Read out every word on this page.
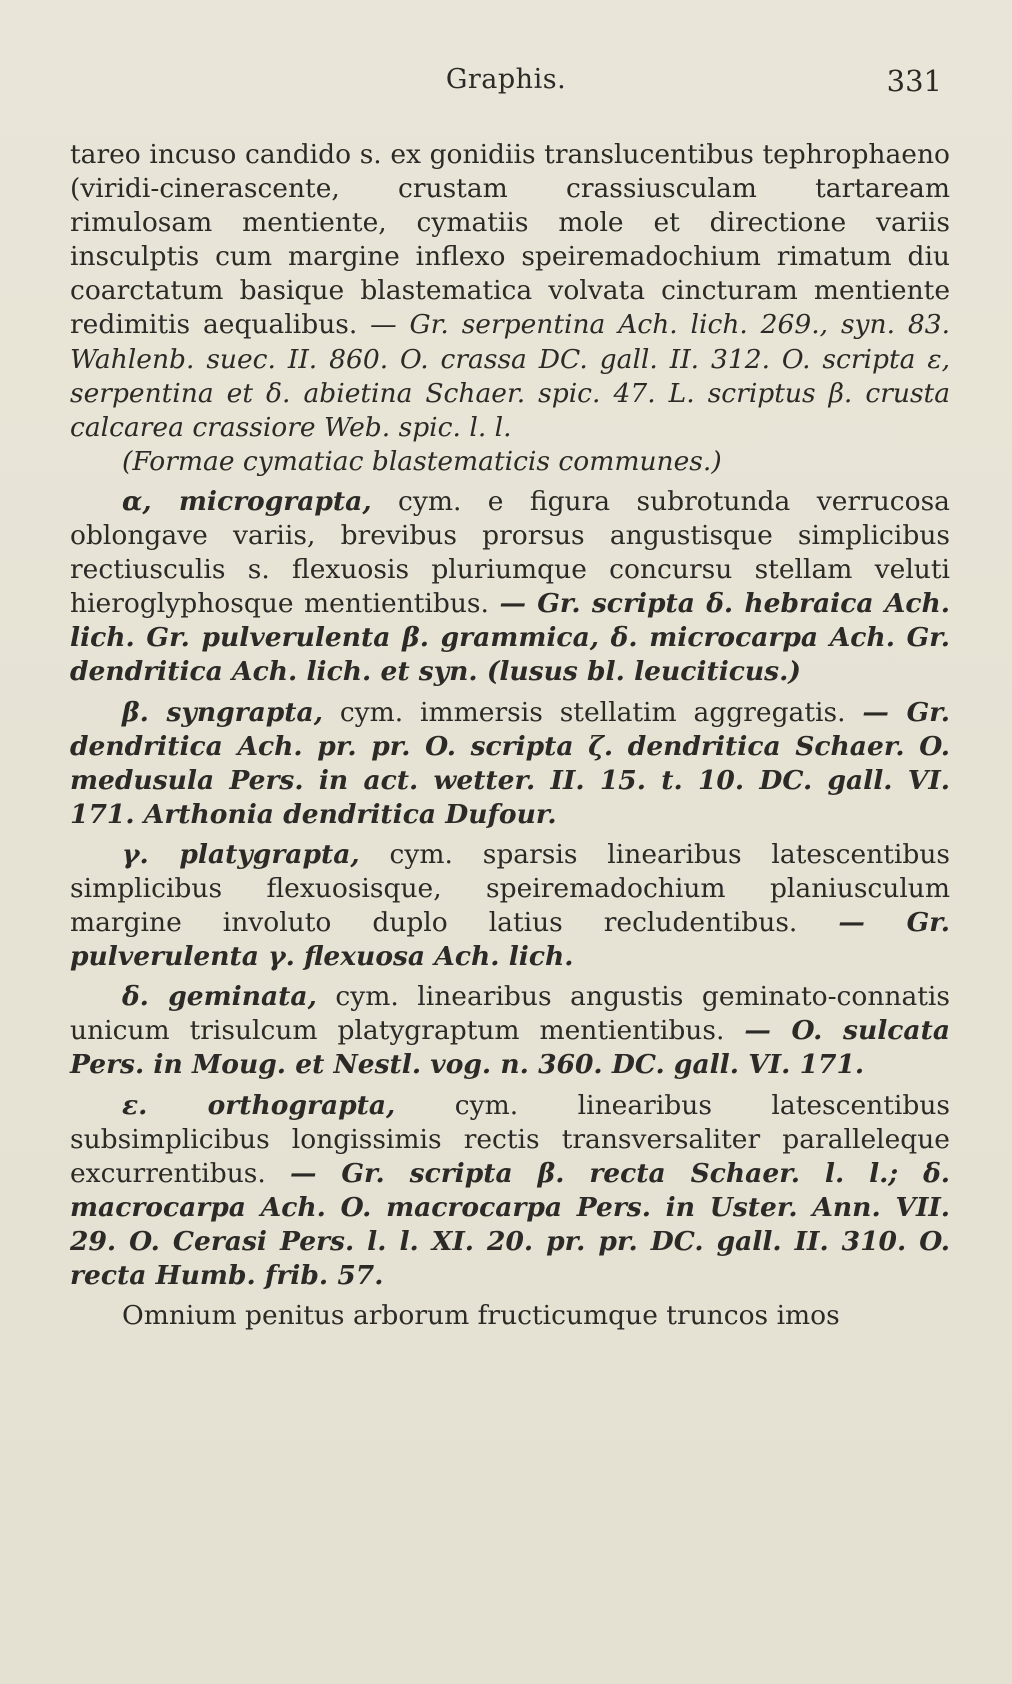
Graphis.	331

tareo incuso candido s. ex gonidiis translucentibus tephrophaeno (viridi-cinerascente, crustam crassiusculam tartaream rimulosam mentiente, cymatiis mole et directione variis insculptis cum margine inflexo speiremadochium rimatum diu coarctatum basique blastematica volvata cincturam mentiente redimitis aequalibus. — Gr. serpentina Ach. lich. 269., syn. 83. Wahlenb. suec. II. 860. O. crassa DC. gall. II. 312. O. scripta ε, serpentina et δ. abietina Schaer. spic. 47. L. scriptus β. crusta calcarea crassiore Web. spic. l. l.

(Formae cymatiac blastematicis communes.)

α, micrograpta, cym. e figura subrotunda verrucosa oblongave variis, brevibus prorsus angustisque simplicibus rectiusculis s. flexuosis pluriumque concursu stellam veluti hieroglyphosque mentientibus. — Gr. scripta δ. hebraica Ach. lich. Gr. pulverulenta β. grammica, δ. microcarpa Ach. Gr. dendritica Ach. lich. et syn. (lusus bl. leuciticus.)

β. syngrapta, cym. immersis stellatim aggregatis. — Gr. dendritica Ach. pr. pr. O. scripta ζ. dendritica Schaer. O. medusula Pers. in act. wetter. II. 15. t. 10. DC. gall. VI. 171. Arthonia dendritica Dufour.

γ. platygrapta, cym. sparsis linearibus latescentibus simplicibus flexuosisque, speiremadochium planiusculum margine involuto duplo latius recludentibus. — Gr. pulverulenta γ. flexuosa Ach. lich.

δ. geminata, cym. linearibus angustis geminato-connatis unicum trisulcum platygraptum mentientibus. — O. sulcata Pers. in Moug. et Nestl. vog. n. 360. DC. gall. VI. 171.

ε. orthograpta, cym. linearibus latescentibus subsimplicibus longissimis rectis transversaliter paralleleque excurrentibus. — Gr. scripta β. recta Schaer. l. l.; δ. macrocarpa Ach. O. macrocarpa Pers. in Uster. Ann. VII. 29. O. Cerasi Pers. l. l. XI. 20. pr. pr. DC. gall. II. 310. O. recta Humb. frib. 57.

Omnium penitus arborum fructicumque truncos imos
